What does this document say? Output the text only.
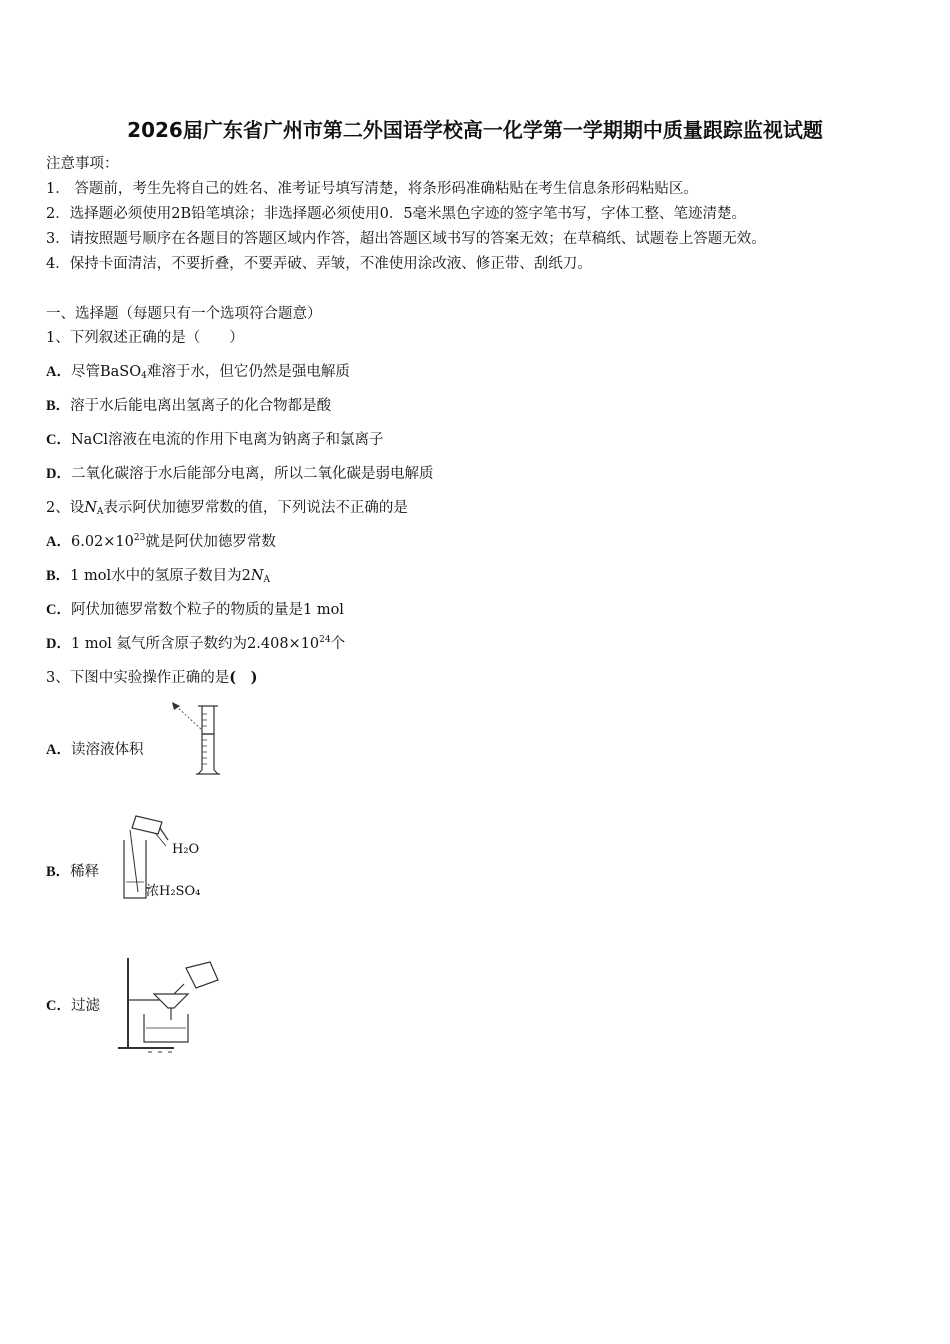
2026届广东省广州市第二外国语学校高一化学第一学期期中质量跟踪监视试题
注意事项：
1． 答题前，考生先将自己的姓名、准考证号填写清楚，将条形码准确粘贴在考生信息条形码粘贴区。
2．选择题必须使用2B铅笔填涂；非选择题必须使用0．5毫米黑色字迹的签字笔书写，字体工整、笔迹清楚。
3．请按照题号顺序在各题目的答题区域内作答，超出答题区域书写的答案无效；在草稿纸、试题卷上答题无效。
4．保持卡面清洁，不要折叠，不要弄破、弄皱，不准使用涂改液、修正带、刮纸刀。
一、选择题（每题只有一个选项符合题意）
1、下列叙述正确的是（　　）
A．尽管BaSO$_4$难溶于水，但它仍然是强电解质
B．溶于水后能电离出氢离子的化合物都是酸
C．NaCl溶液在电流的作用下电离为钠离子和氯离子
D．二氧化碳溶于水后能部分电离，所以二氧化碳是弱电解质
2、设$N_A$表示阿伏加德罗常数的值，下列说法不正确的是
A．$6.02\times 10^{23}$就是阿伏加德罗常数
B．1 mol水中的氢原子数目为$2N_A$
C．阿伏加德罗常数个粒子的物质的量是1 mol
D．1 mol 氦气所含原子数约为$2.408\times 10^{24}$个
3、下图中实验操作正确的是(　)
A．读溶液体积
B．稀释
H₂O
浓H₂SO₄
C．过滤
